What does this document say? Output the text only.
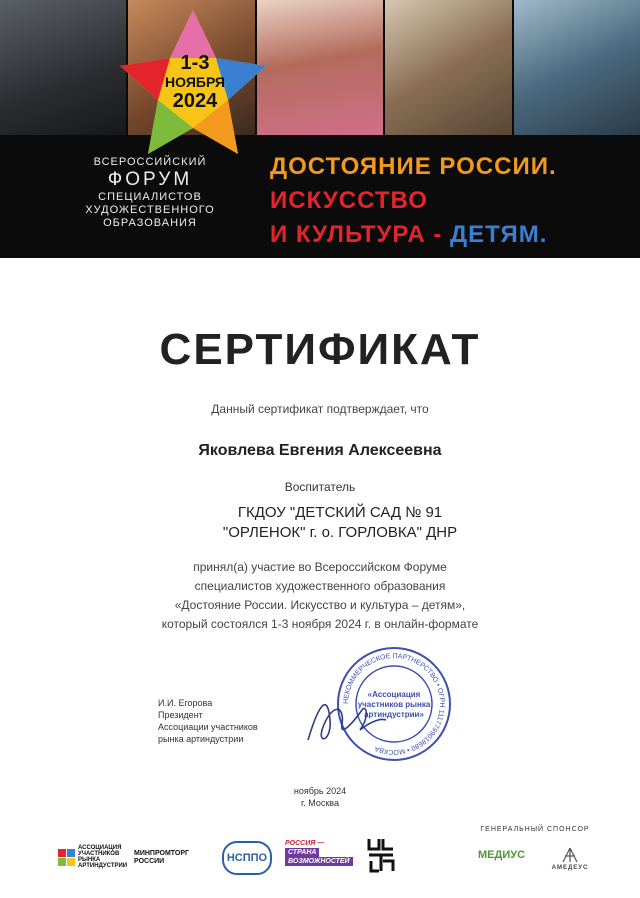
1-3
НОЯБРЯ
2024
ВСЕРОССИЙСКИЙ
ФОРУМ
СПЕЦИАЛИСТОВ
ХУДОЖЕСТВЕННОГО
ОБРАЗОВАНИЯ
ДОСТОЯНИЕ РОССИИ.
ИСКУССТВО
И КУЛЬТУРА - ДЕТЯМ.
СЕРТИФИКАТ
Данный сертификат подтверждает, что
Яковлева Евгения Алексеевна
Воспитатель
ГКДОУ "ДЕТСКИЙ САД № 91
"ОРЛЕНОК" г. о. ГОРЛОВКА" ДНР
принял(а) участие во Всероссийском Форуме
специалистов художественного образования
«Достояние России. Искусство и культура – детям»,
который состоялся 1-3 ноября 2024 г. в онлайн-формате
И.И. Егорова
Президент
Ассоциации участников
рынка артиндустрии
НЕКОММЕРЧЕСКОЕ ПАРТНЕРСТВО • ОГРН 1117799018680 • МОСКВА
«Ассоциация
участников рынка
артиндустрии»
ноябрь 2024
г. Москва
ГЕНЕРАЛЬНЫЙ СПОНСОР
АССОЦИАЦИЯ УЧАСТНИКОВ РЫНКА АРТИНДУСТРИИ
МИНПРОМТОРГ
РОССИИ	НСППО
РОССИЯ —
СТРАНА
ВОЗМОЖНОСТЕЙ
МЕДИУС
АМЕДЕУС
